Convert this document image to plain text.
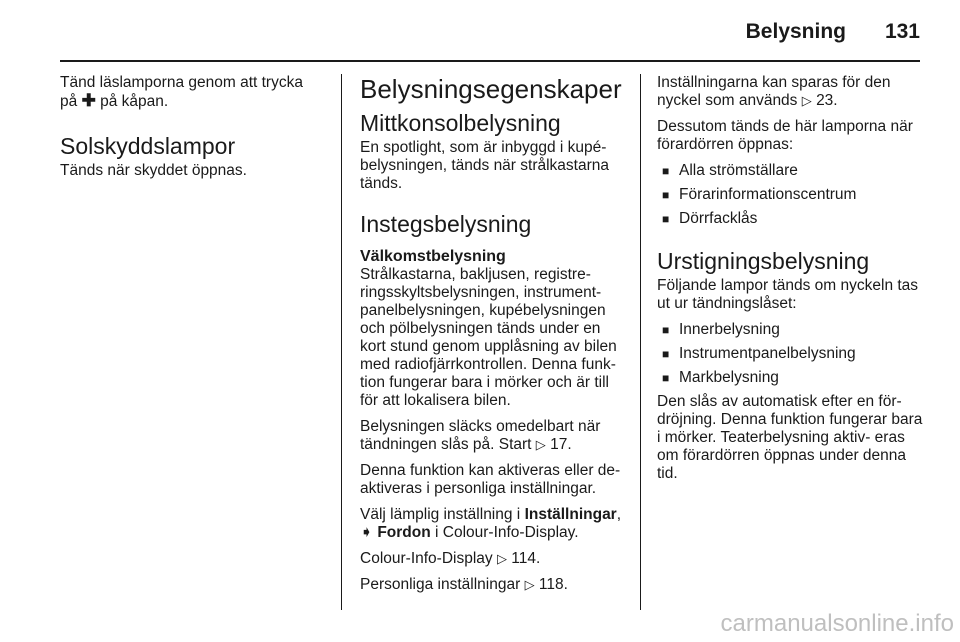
Belysning 131

Tänd läslamporna genom att trycka
på ✚ på kåpan.

Solskyddslampor

Tänds när skyddet öppnas.

Belysningsegenskaper
Mittkonsolbelysning

En spotlight, som är inbyggd i kupé- belysningen, tänds när strålkastarna tänds.

Instegsbelysning
Välkomstbelysning

Strålkastarna, bakljusen, registre- ringsskyltsbelysningen, instrument- panelbelysningen, kupébelysningen och pölbelysningen tänds under en kort stund genom upplåsning av bilen med radiofjärrkontrollen. Denna funk- tion fungerar bara i mörker och är till för att lokalisera bilen.

Belysningen släcks omedelbart när tändningen slås på. Start ▷ 17.

Denna funktion kan aktiveras eller de- aktiveras i personliga inställningar.

Välj lämplig inställning i Inställningar,
➧ Fordon i Colour-Info-Display.

Colour-Info-Display ▷ 114.

Personliga inställningar ▷ 118.

Inställningarna kan sparas för den nyckel som används ▷ 23.

Dessutom tänds de här lamporna när förardörren öppnas:

■ Alla strömställare
■ Förarinformationscentrum
■ Dörrfacklås
Urstigningsbelysning

Följande lampor tänds om nyckeln tas ut ur tändningslåset:

■ Innerbelysning
■ Instrumentpanelbelysning
■ Markbelysning

Den slås av automatisk efter en för- dröjning. Denna funktion fungerar bara i mörker. Teaterbelysning aktiv- eras om förardörren öppnas under denna tid.

carmanualsonline.info
